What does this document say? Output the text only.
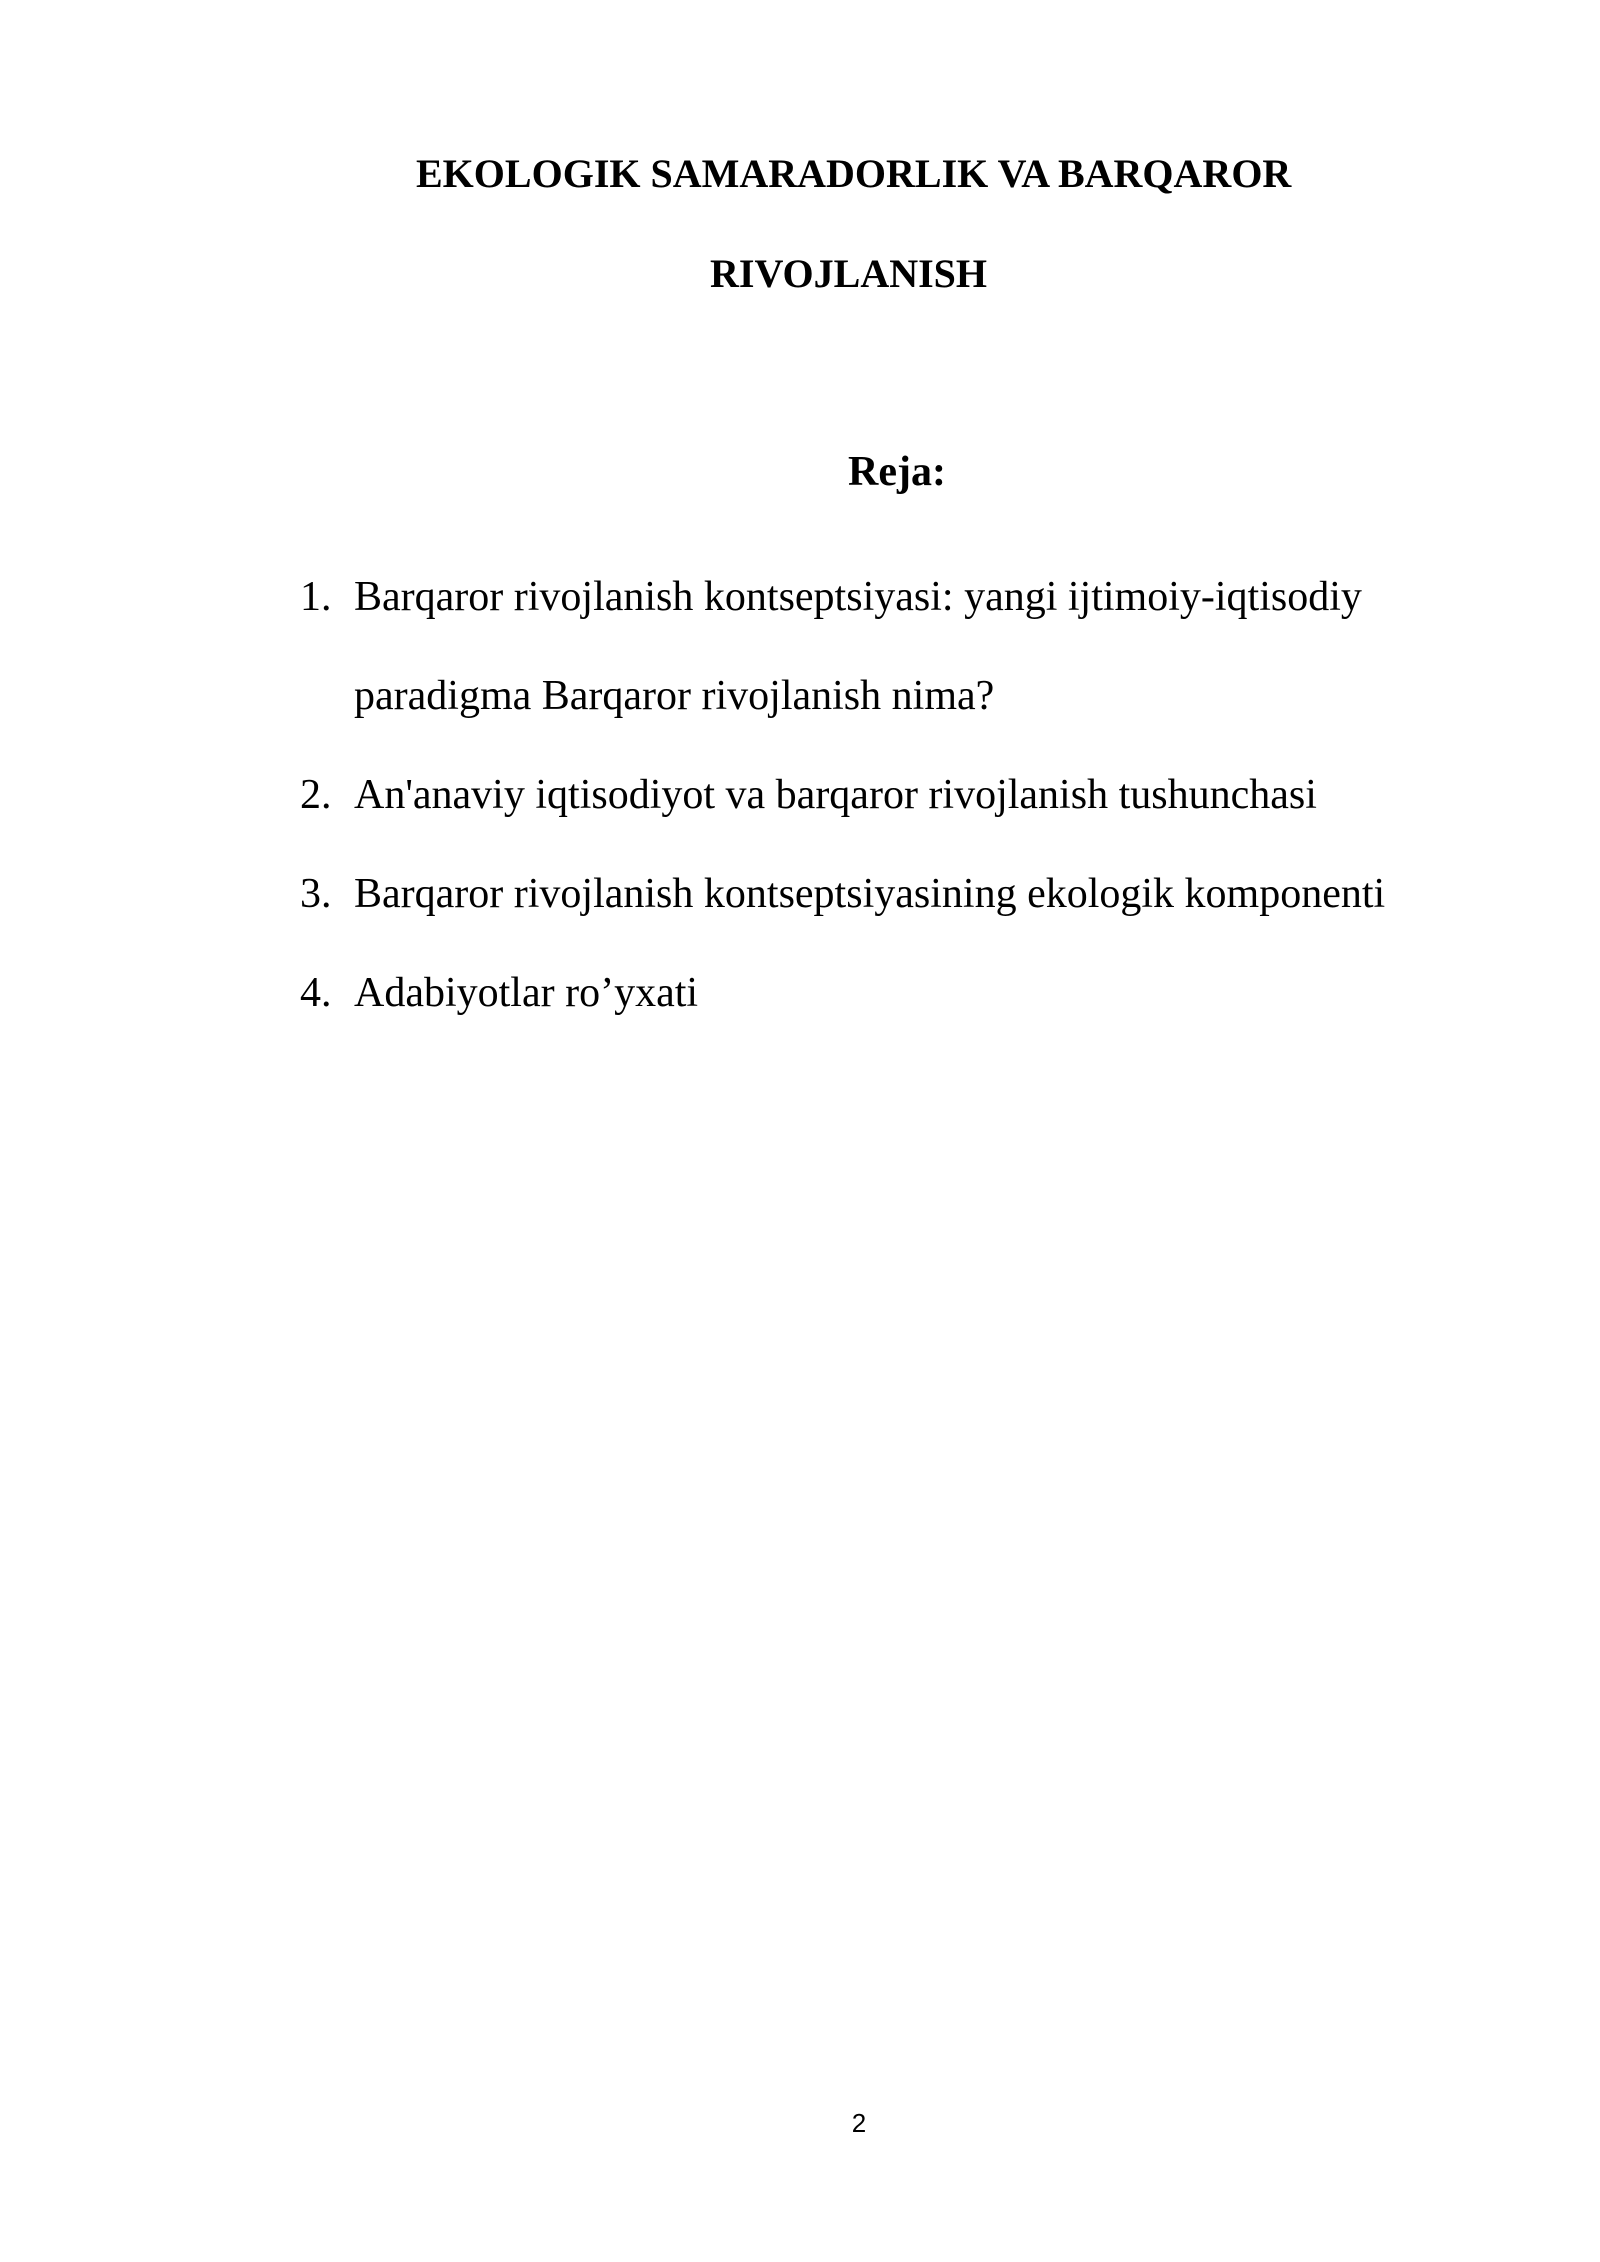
EKOLOGIK SAMARADORLIK VA BARQAROR
RIVOJLANISH
Reja:
1. Barqaror rivojlanish kontseptsiyasi: yangi ijtimoiy-iqtisodiy paradigma Barqaror rivojlanish nima?
2. An'anaviy iqtisodiyot va barqaror rivojlanish tushunchasi
3. Barqaror rivojlanish kontseptsiyasining ekologik komponenti
4. Adabiyotlar ro’yxati
2
